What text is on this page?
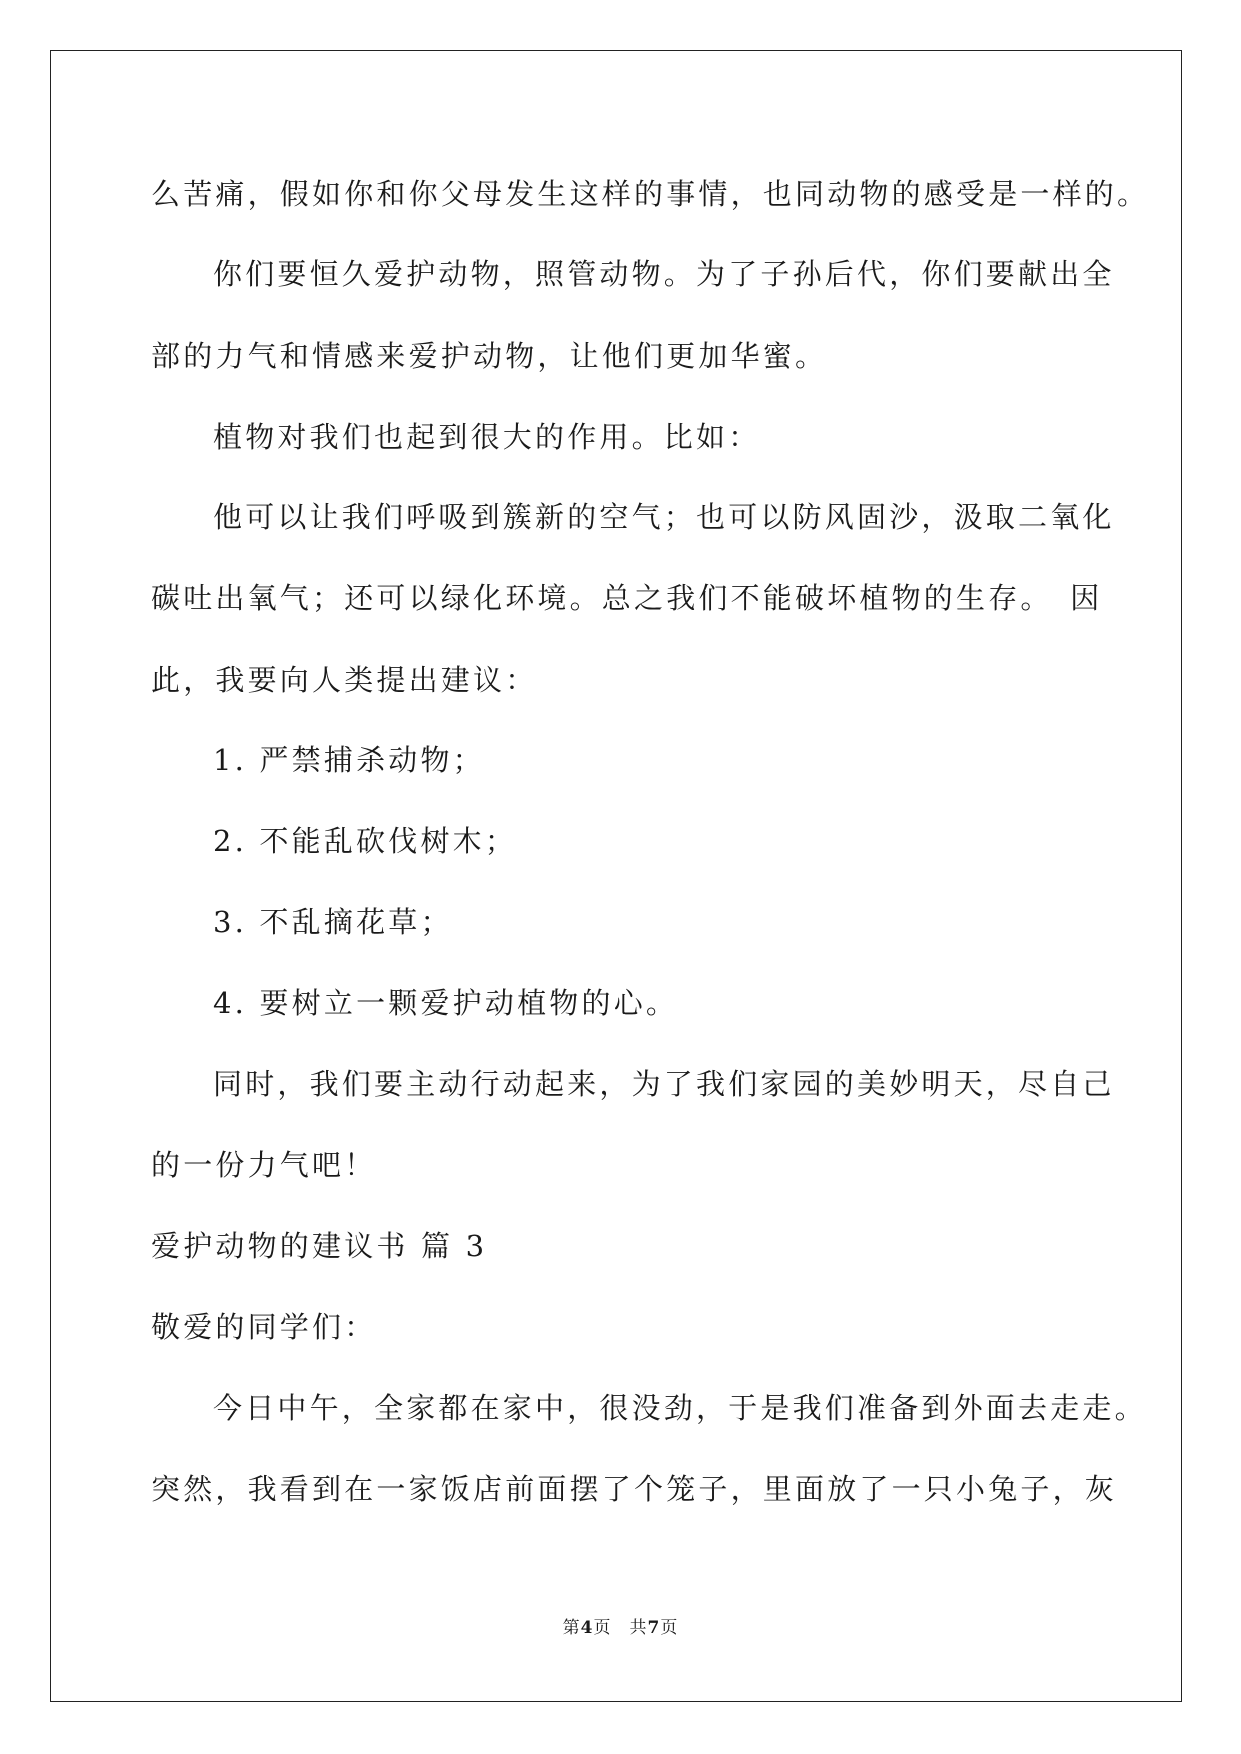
么苦痛，假如你和你父母发生这样的事情，也同动物的感受是一样的。
你们要恒久爱护动物，照管动物。为了子孙后代，你们要献出全
部的力气和情感来爱护动物，让他们更加华蜜。
植物对我们也起到很大的作用。比如：
他可以让我们呼吸到簇新的空气；也可以防风固沙，汲取二氧化
碳吐出氧气；还可以绿化环境。总之我们不能破坏植物的生存。　因
此，我要向人类提出建议：
1. 严禁捕杀动物；
2. 不能乱砍伐树木；
3. 不乱摘花草；
4. 要树立一颗爱护动植物的心。
同时，我们要主动行动起来，为了我们家园的美妙明天，尽自己
的一份力气吧！
爱护动物的建议书 篇 3
敬爱的同学们：
今日中午，全家都在家中，很没劲，于是我们准备到外面去走走。
突然，我看到在一家饭店前面摆了个笼子，里面放了一只小兔子，灰
第4页　共7页
